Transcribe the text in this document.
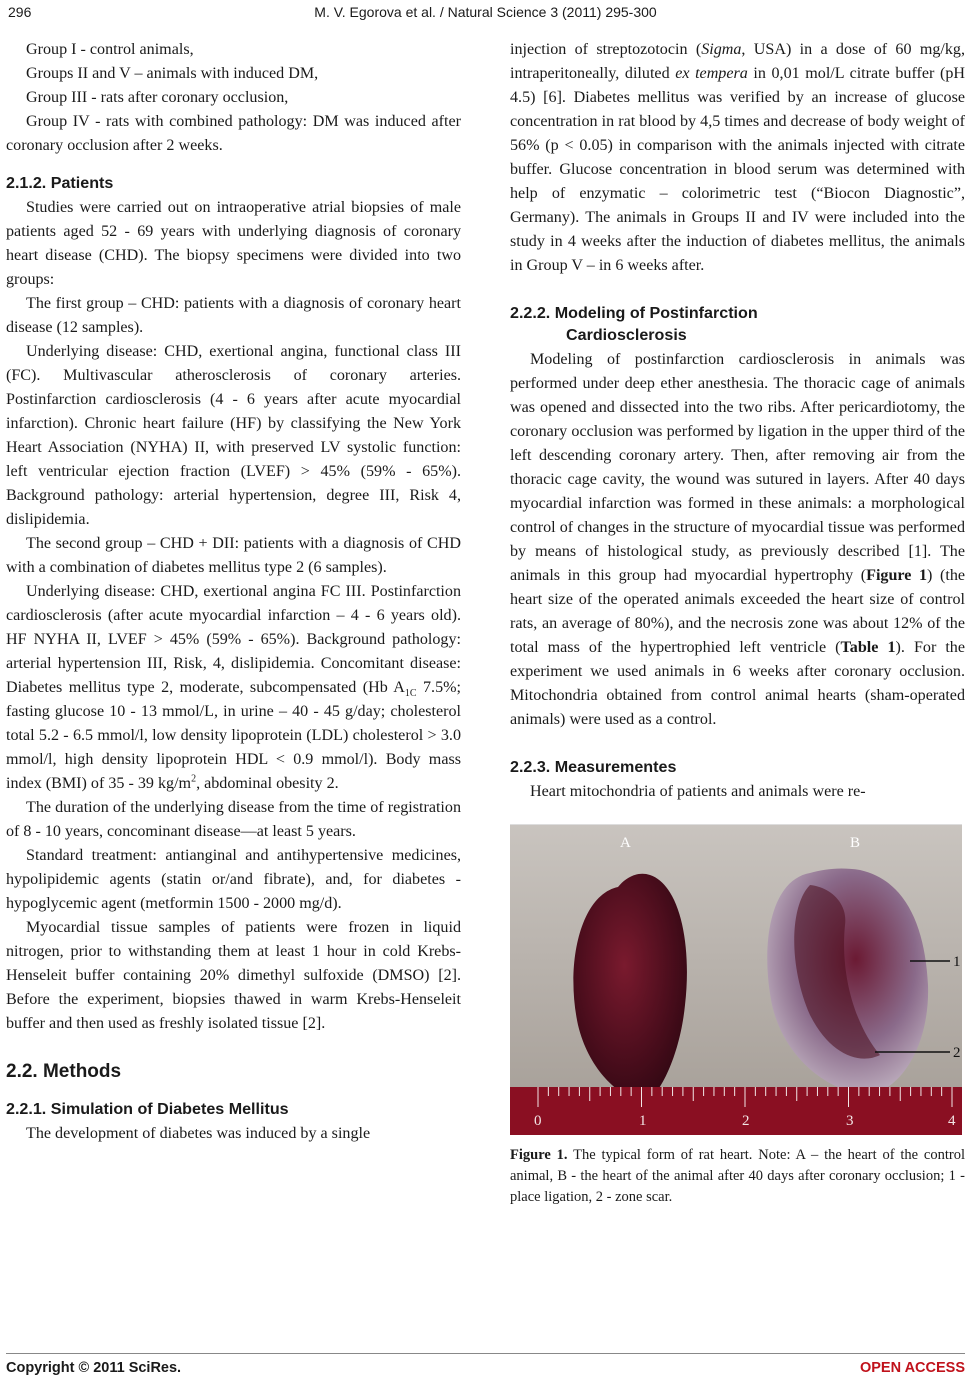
296	M. V. Egorova et al. / Natural Science 3 (2011) 295-300

Group I - control animals,

Groups II and V – animals with induced DM,

Group III - rats after coronary occlusion,

Group IV - rats with combined pathology: DM was induced after coronary occlusion after 2 weeks.

2.1.2. Patients

Studies were carried out on intraoperative atrial biopsies of male patients aged 52 - 69 years with underlying diagnosis of coronary heart disease (CHD). The biopsy specimens were divided into two groups:

The first group – CHD: patients with a diagnosis of coronary heart disease (12 samples).

Underlying disease: CHD, exertional angina, functional class III (FC). Multivascular atherosclerosis of coronary arteries. Postinfarction cardiosclerosis (4 - 6 years after acute myocardial infarction). Chronic heart failure (HF) by classifying the New York Heart Association (NYHA) II, with preserved LV systolic function: left ventricular ejection fraction (LVEF) > 45% (59% - 65%). Background pathology: arterial hypertension, degree III, Risk 4, dislipidemia.

The second group – CHD + DII: patients with a diagnosis of CHD with a combination of diabetes mellitus type 2 (6 samples).

Underlying disease: CHD, exertional angina FC III. Postinfarction cardiosclerosis (after acute myocardial infarction – 4 - 6 years old). HF NYHA II, LVEF > 45% (59% - 65%). Background pathology: arterial hypertension III, Risk, 4, dislipidemia. Concomitant disease: Diabetes mellitus type 2, moderate, subcompensated (Hb $A_{1C}$ 7.5%; fasting glucose 10 - 13 mmol/L, in urine – 40 - 45 g/day; cholesterol total 5.2 - 6.5 mmol/l, low density lipoprotein (LDL) cholesterol > 3.0 mmol/l, high density lipoprotein HDL < 0.9 mmol/l). Body mass index (BMI) of 35 - 39 $kg/m^2$, abdominal obesity 2.

The duration of the underlying disease from the time of registration of 8 - 10 years, concominant disease—at least 5 years.

Standard treatment: antianginal and antihypertensive medicines, hypolipidemic agents (statin or/and fibrate), and, for diabetes - hypoglycemic agent (metformin 1500 - 2000 mg/d).

Myocardial tissue samples of patients were frozen in liquid nitrogen, prior to withstanding them at least 1 hour in cold Krebs-Henseleit buffer containing 20% dimethyl sulfoxide (DMSO) [2]. Before the experiment, biopsies thawed in warm Krebs-Henseleit buffer and then used as freshly isolated tissue [2].

2.2. Methods
2.2.1. Simulation of Diabetes Mellitus

The development of diabetes was induced by a single

injection of streptozotocin (Sigma, USA) in a dose of 60 mg/kg, intraperitoneally, diluted ex tempera in 0,01 mol/L citrate buffer (pH 4.5) [6]. Diabetes mellitus was verified by an increase of glucose concentration in rat blood by 4,5 times and decrease of body weight of 56% (p < 0.05) in comparison with the animals injected with citrate buffer. Glucose concentration in blood serum was determined with help of enzymatic – colorimetric test (“Biocon Diagnostic”, Germany). The animals in Groups II and IV were included into the study in 4 weeks after the induction of diabetes mellitus, the animals in Group V – in 6 weeks after.

2.2.2. Modeling of Postinfarction
Cardiosclerosis

Modeling of postinfarction cardiosclerosis in animals was performed under deep ether anesthesia. The thoracic cage of animals was opened and dissected into the two ribs. After pericardiotomy, the coronary occlusion was performed by ligation in the upper third of the left descending coronary artery. Then, after removing air from the thoracic cage cavity, the wound was sutured in layers. After 40 days myocardial infarction was formed in these animals: a morphological control of changes in the structure of myocardial tissue was performed by means of histological study, as previously described [1]. The animals in this group had myocardial hypertrophy (Figure 1) (the heart size of the operated animals exceeded the heart size of control rats, an average of 80%), and the necrosis zone was about 12% of the total mass of the hypertrophied left ventricle (Table 1). For the experiment we used animals in 6 weeks after coronary occlusion. Mitochondria obtained from control animal hearts (sham-operated animals) were used as a control.

2.2.3. Measurementes

Heart mitochondria of patients and animals were re-

A	B
1
2
0	1	2	3	4
Figure 1. The typical form of rat heart. Note: A – the heart of the control animal, B - the heart of the animal after 40 days after coronary occlusion; 1 - place ligation, 2 - zone scar.
Copyright © 2011 SciRes.	OPEN ACCESS
